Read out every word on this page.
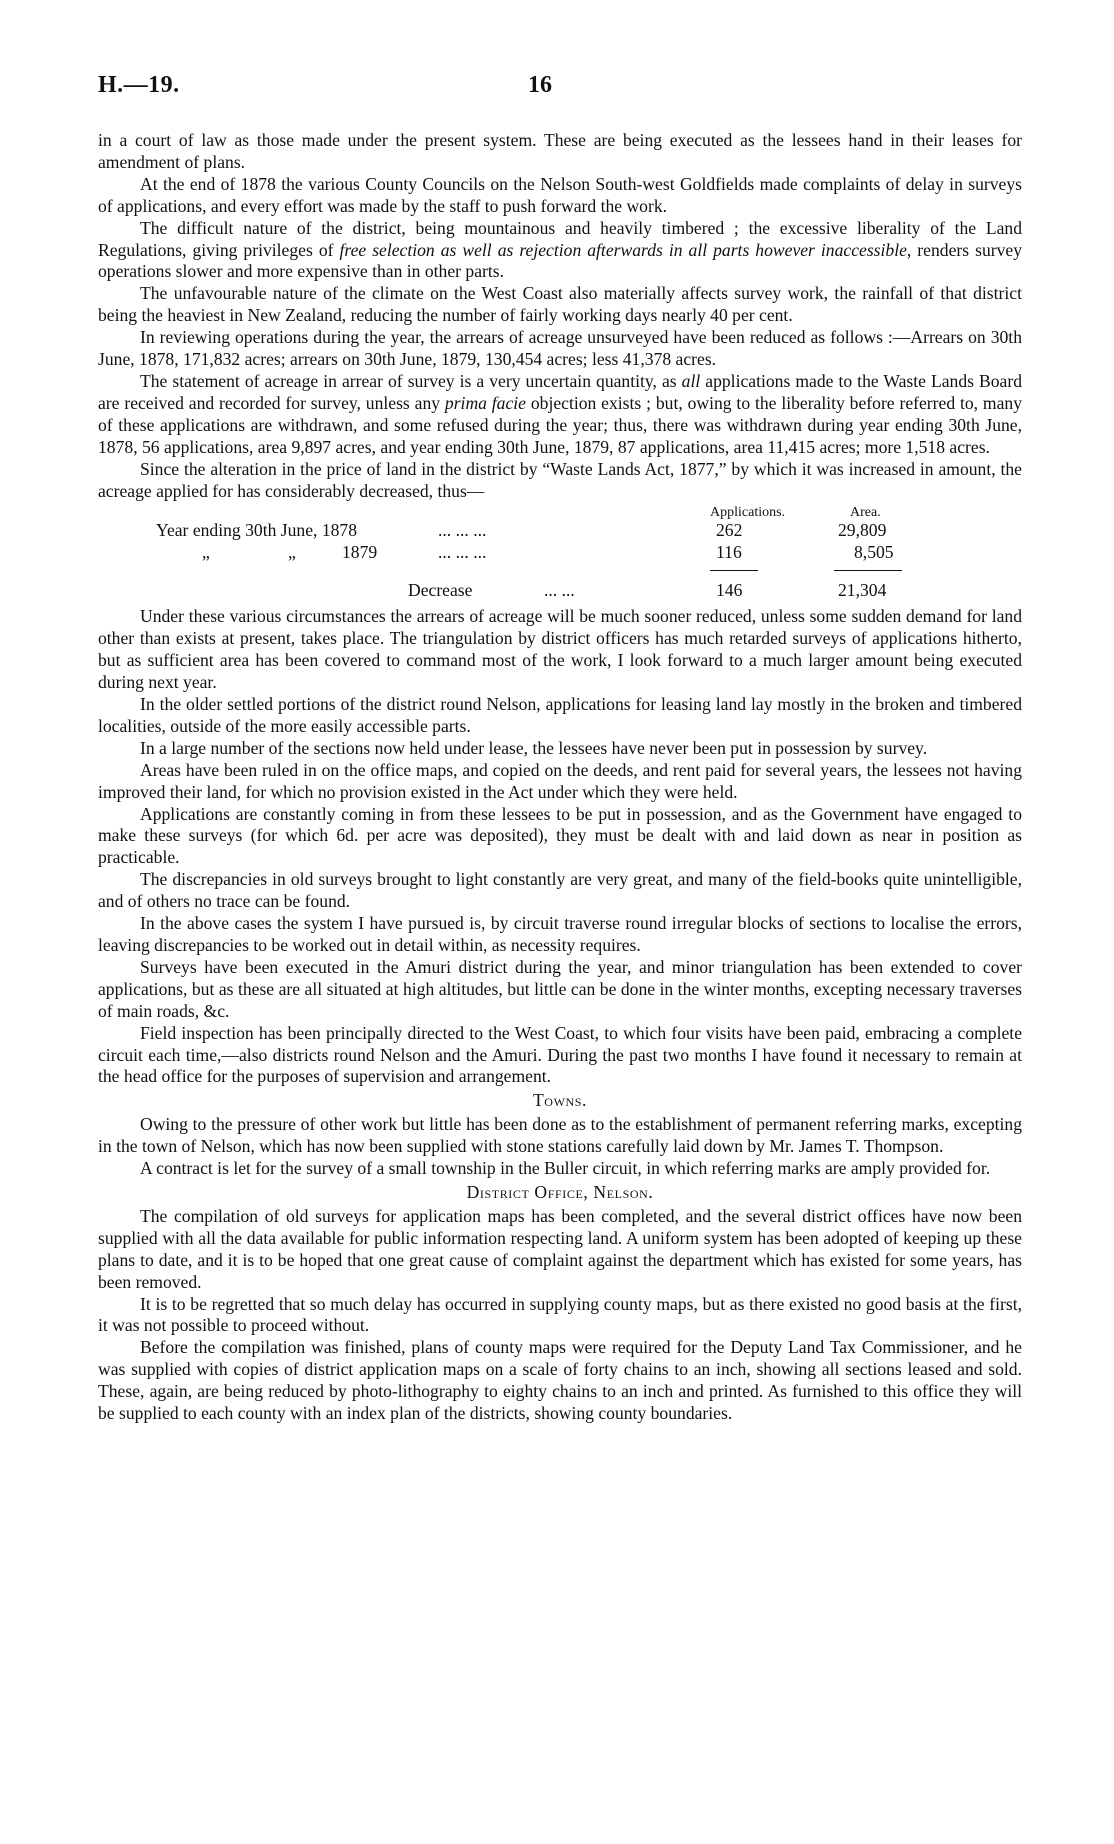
H.—19.	16

in a court of law as those made under the present system. These are being executed as the lessees hand in their leases for amendment of plans.

At the end of 1878 the various County Councils on the Nelson South-west Goldfields made complaints of delay in surveys of applications, and every effort was made by the staff to push forward the work.

The difficult nature of the district, being mountainous and heavily timbered ; the excessive liberality of the Land Regulations, giving privileges of free selection as well as rejection afterwards in all parts however inaccessible, renders survey operations slower and more expensive than in other parts.

The unfavourable nature of the climate on the West Coast also materially affects survey work, the rainfall of that district being the heaviest in New Zealand, reducing the number of fairly working days nearly 40 per cent.

In reviewing operations during the year, the arrears of acreage unsurveyed have been reduced as follows :—Arrears on 30th June, 1878, 171,832 acres; arrears on 30th June, 1879, 130,454 acres; less 41,378 acres.

The statement of acreage in arrear of survey is a very uncertain quantity, as all applications made to the Waste Lands Board are received and recorded for survey, unless any prima facie objection exists ; but, owing to the liberality before referred to, many of these applications are withdrawn, and some refused during the year; thus, there was withdrawn during year ending 30th June, 1878, 56 applications, area 9,897 acres, and year ending 30th June, 1879, 87 applications, area 11,415 acres; more 1,518 acres.

Since the alteration in the price of land in the district by “Waste Lands Act, 1877,” by which it was increased in amount, the acreage applied for has considerably decreased, thus—

Applications.	Area.
Year ending 30th June, 1878	... ... ...	262	29,809
„	„	1879	... ... ...	116	8,505
Decrease	... ...	146	21,304

Under these various circumstances the arrears of acreage will be much sooner reduced, unless some sudden demand for land other than exists at present, takes place. The triangulation by district officers has much retarded surveys of applications hitherto, but as sufficient area has been covered to command most of the work, I look forward to a much larger amount being executed during next year.

In the older settled portions of the district round Nelson, applications for leasing land lay mostly in the broken and timbered localities, outside of the more easily accessible parts.

In a large number of the sections now held under lease, the lessees have never been put in possession by survey.

Areas have been ruled in on the office maps, and copied on the deeds, and rent paid for several years, the lessees not having improved their land, for which no provision existed in the Act under which they were held.

Applications are constantly coming in from these lessees to be put in possession, and as the Government have engaged to make these surveys (for which 6d. per acre was deposited), they must be dealt with and laid down as near in position as practicable.

The discrepancies in old surveys brought to light constantly are very great, and many of the field-books quite unintelligible, and of others no trace can be found.

In the above cases the system I have pursued is, by circuit traverse round irregular blocks of sections to localise the errors, leaving discrepancies to be worked out in detail within, as necessity requires.

Surveys have been executed in the Amuri district during the year, and minor triangulation has been extended to cover applications, but as these are all situated at high altitudes, but little can be done in the winter months, excepting necessary traverses of main roads, &c.

Field inspection has been principally directed to the West Coast, to which four visits have been paid, embracing a complete circuit each time,—also districts round Nelson and the Amuri. During the past two months I have found it necessary to remain at the head office for the purposes of supervision and arrangement.

Towns.

Owing to the pressure of other work but little has been done as to the establishment of permanent referring marks, excepting in the town of Nelson, which has now been supplied with stone stations carefully laid down by Mr. James T. Thompson.

A contract is let for the survey of a small township in the Buller circuit, in which referring marks are amply provided for.

District Office, Nelson.

The compilation of old surveys for application maps has been completed, and the several district offices have now been supplied with all the data available for public information respecting land. A uniform system has been adopted of keeping up these plans to date, and it is to be hoped that one great cause of complaint against the department which has existed for some years, has been removed.

It is to be regretted that so much delay has occurred in supplying county maps, but as there existed no good basis at the first, it was not possible to proceed without.

Before the compilation was finished, plans of county maps were required for the Deputy Land Tax Commissioner, and he was supplied with copies of district application maps on a scale of forty chains to an inch, showing all sections leased and sold. These, again, are being reduced by photo-lithography to eighty chains to an inch and printed. As furnished to this office they will be supplied to each county with an index plan of the districts, showing county boundaries.
